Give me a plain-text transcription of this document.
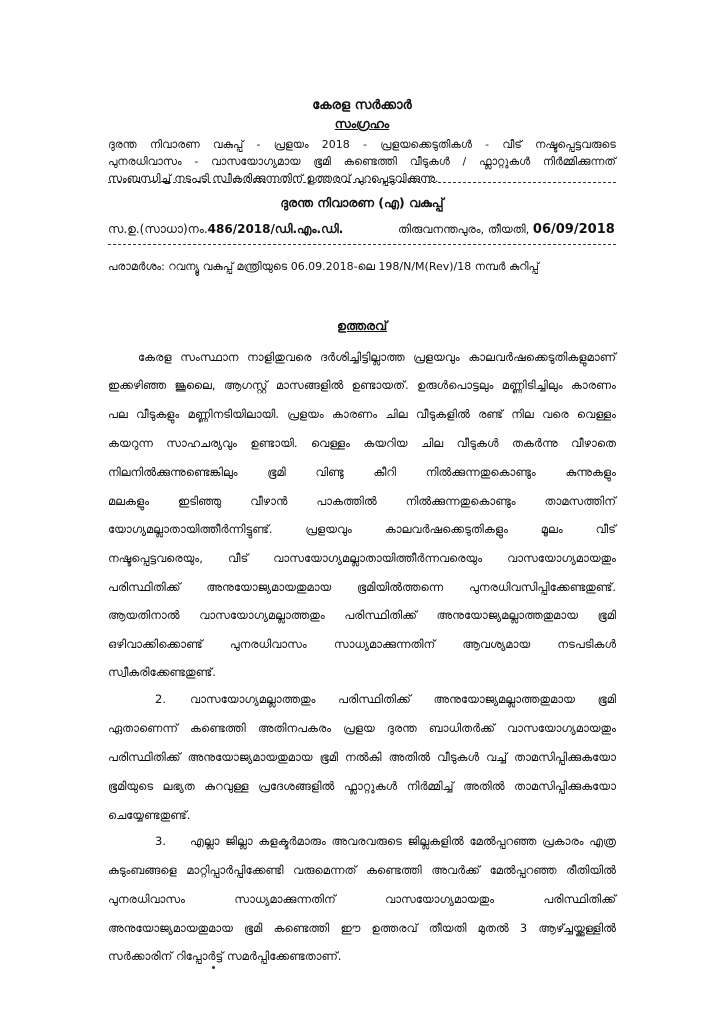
കേരള സർക്കാർ
സംഗ്രഹം
ദുരന്ത നിവാരണ വകുപ്പ് - പ്രളയം 2018 - പ്രളയക്കെടുതികൾ - വീട് നഷ്ടപ്പെട്ടവരുടെ
പുനരധിവാസം - വാസയോഗ്യമായ ഭൂമി കണ്ടെത്തി വീടുകൾ / ഫ്ലാറ്റുകൾ നിർമ്മിക്കുന്നത്
സംബന്ധിച്ച് നടപടി സ്വീകരിക്കുന്നതിന് ഉത്തരവ് പുറപ്പെടുവിക്കുന്നു.
ദുരന്ത നിവാരണ (എ) വകുപ്പ്
സ.ഉ.(സാധാ)നം.486/2018/ഡി.എം.ഡി.	തിരുവനന്തപുരം, തീയതി, 06/09/2018
പരാമർശം: റവന്യൂ വകുപ്പ് മന്ത്രിയുടെ 06.09.2018-ലെ 198/N/M(Rev)/18 നമ്പർ കുറിപ്പ്
ഉത്തരവ്
കേരള സംസ്ഥാന നാളിതുവരെ ദർശിച്ചിട്ടില്ലാത്ത പ്രളയവും കാലവർഷക്കെടുതികളുമാണ്
ഇക്കഴിഞ്ഞ ജൂലൈ, ആഗസ്റ്റ് മാസങ്ങളിൽ ഉണ്ടായത്. ഉരുൾപൊട്ടലും മണ്ണിടിച്ചിലും കാരണം
പല വീടുകളും മണ്ണിനടിയിലായി. പ്രളയം കാരണം ചില വീടുകളിൽ രണ്ട് നില വരെ വെള്ളം
കയറുന്ന സാഹചര്യവും ഉണ്ടായി. വെള്ളം കയറിയ ചില വീടുകൾ തകർന്നു വീഴാതെ
നിലനിൽക്കുന്നുണ്ടെങ്കിലും	ഭൂമി	വിണ്ടു	കീറി	നിൽക്കുന്നതുകൊണ്ടും	കുന്നുകളും
മലകളും	ഇടിഞ്ഞു	വീഴാൻ	പാകത്തിൽ	നിൽക്കുന്നതുകൊണ്ടും	താമസത്തിന്
യോഗ്യമല്ലാതായിത്തീർന്നിട്ടുണ്ട്.	പ്രളയവും	കാലവർഷക്കെടുതികളും	മൂലം	വീട്
നഷ്ടപ്പെട്ടവരെയും, വീട് വാസയോഗ്യമല്ലാതായിത്തീർന്നവരെയും വാസയോഗ്യമായതും
പരിസ്ഥിതിക്ക് അനുയോജ്യമായതുമായ ഭൂമിയിൽത്തന്നെ പുനരധിവസിപ്പിക്കേണ്ടതുണ്ട്.
ആയതിനാൽ വാസയോഗ്യമല്ലാത്തതും പരിസ്ഥിതിക്ക് അനുയോജ്യമല്ലാത്തതുമായ ഭൂമി
ഒഴിവാക്കിക്കൊണ്ട് പുനരധിവാസം സാധ്യമാക്കുന്നതിന് ആവശ്യമായ നടപടികൾ
സ്വീകരിക്കേണ്ടതുണ്ട്.
2. വാസയോഗ്യമല്ലാത്തതും പരിസ്ഥിതിക്ക് അനുയോജ്യമല്ലാത്തതുമായ ഭൂമി
ഏതാണെന്ന് കണ്ടെത്തി അതിനപകരം പ്രളയ ദുരന്ത ബാധിതർക്ക് വാസയോഗ്യമായതും
പരിസ്ഥിതിക്ക് അനുയോജ്യമായതുമായ ഭൂമി നൽകി അതിൽ വീടുകൾ വച്ച് താമസിപ്പിക്കുകയോ
ഭൂമിയുടെ ലഭ്യത കുറവുള്ള പ്രദേശങ്ങളിൽ ഫ്ലാറ്റുകൾ നിർമ്മിച്ച് അതിൽ താമസിപ്പിക്കുകയോ
ചെയ്യേണ്ടതുണ്ട്.
3. എല്ലാ ജില്ലാ കളക്ടർമാരും അവരവരുടെ ജില്ലകളിൽ മേൽപ്പറഞ്ഞ പ്രകാരം എത്ര
കുടുംബങ്ങളെ മാറ്റിപ്പാർപ്പിക്കേണ്ടി വരുമെന്നത് കണ്ടെത്തി അവർക്ക് മേൽപ്പറഞ്ഞ രീതിയിൽ
പുനരധിവാസം	സാധ്യമാക്കുന്നതിന്	വാസയോഗ്യമായതും	പരിസ്ഥിതിക്ക്
അനുയോജ്യമായതുമായ ഭൂമി കണ്ടെത്തി ഈ ഉത്തരവ് തീയതി മുതൽ 3 ആഴ്ച്ചയ്ക്കുള്ളിൽ
സർക്കാരിന് റിപ്പോർട്ട് സമർപ്പിക്കേണ്ടതാണ്.
